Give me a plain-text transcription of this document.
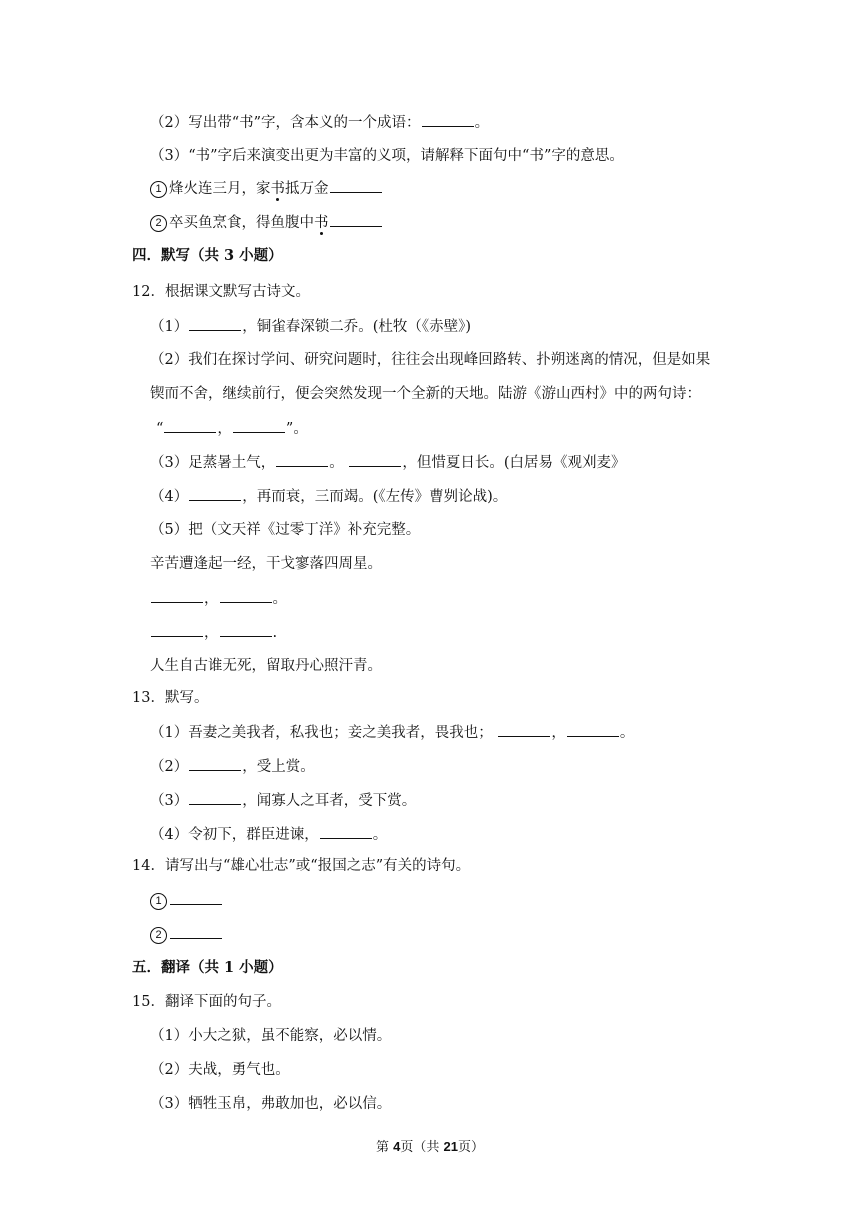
（2）写出带“书”字，含本义的一个成语：	。
（3）“书”字后来演变出更为丰富的义项，请解释下面句中“书”字的意思。
1 烽火连三月，家书抵万金
2 卒买鱼烹食，得鱼腹中书
四．默写（共 3 小题）
12．根据课文默写古诗文。
（1）	，铜雀春深锁二乔。(杜牧（《赤壁》)
（2）我们在探讨学问、研究问题时，往往会出现峰回路转、扑朔迷离的情况，但是如果
锲而不舍，继续前行，便会突然发现一个全新的天地。陆游《游山西村》中的两句诗：
“	，	”。
（3）足蒸暑土气，	。	，但惜夏日长。(白居易《观刈麦》
（4）	，再而衰，三而竭。(《左传》曹刿论战)。
（5）把（文天祥《过零丁洋》补充完整。
辛苦遭逢起一经，干戈寥落四周星。
，	。
，	.
人生自古谁无死，留取丹心照汗青。
13．默写。
（1）吾妻之美我者，私我也；妾之美我者，畏我也；	，	。
（2）	，受上赏。
（3）	，闻寡人之耳者，受下赏。
（4）令初下，群臣进谏，	。
14．请写出与“雄心壮志”或“报国之志”有关的诗句。
1
2
五．翻译（共 1 小题）
15．翻译下面的句子。
（1）小大之狱，虽不能察，必以情。
（2）夫战，勇气也。
（3）牺牲玉帛，弗敢加也，必以信。
第 4页（共 21页）
